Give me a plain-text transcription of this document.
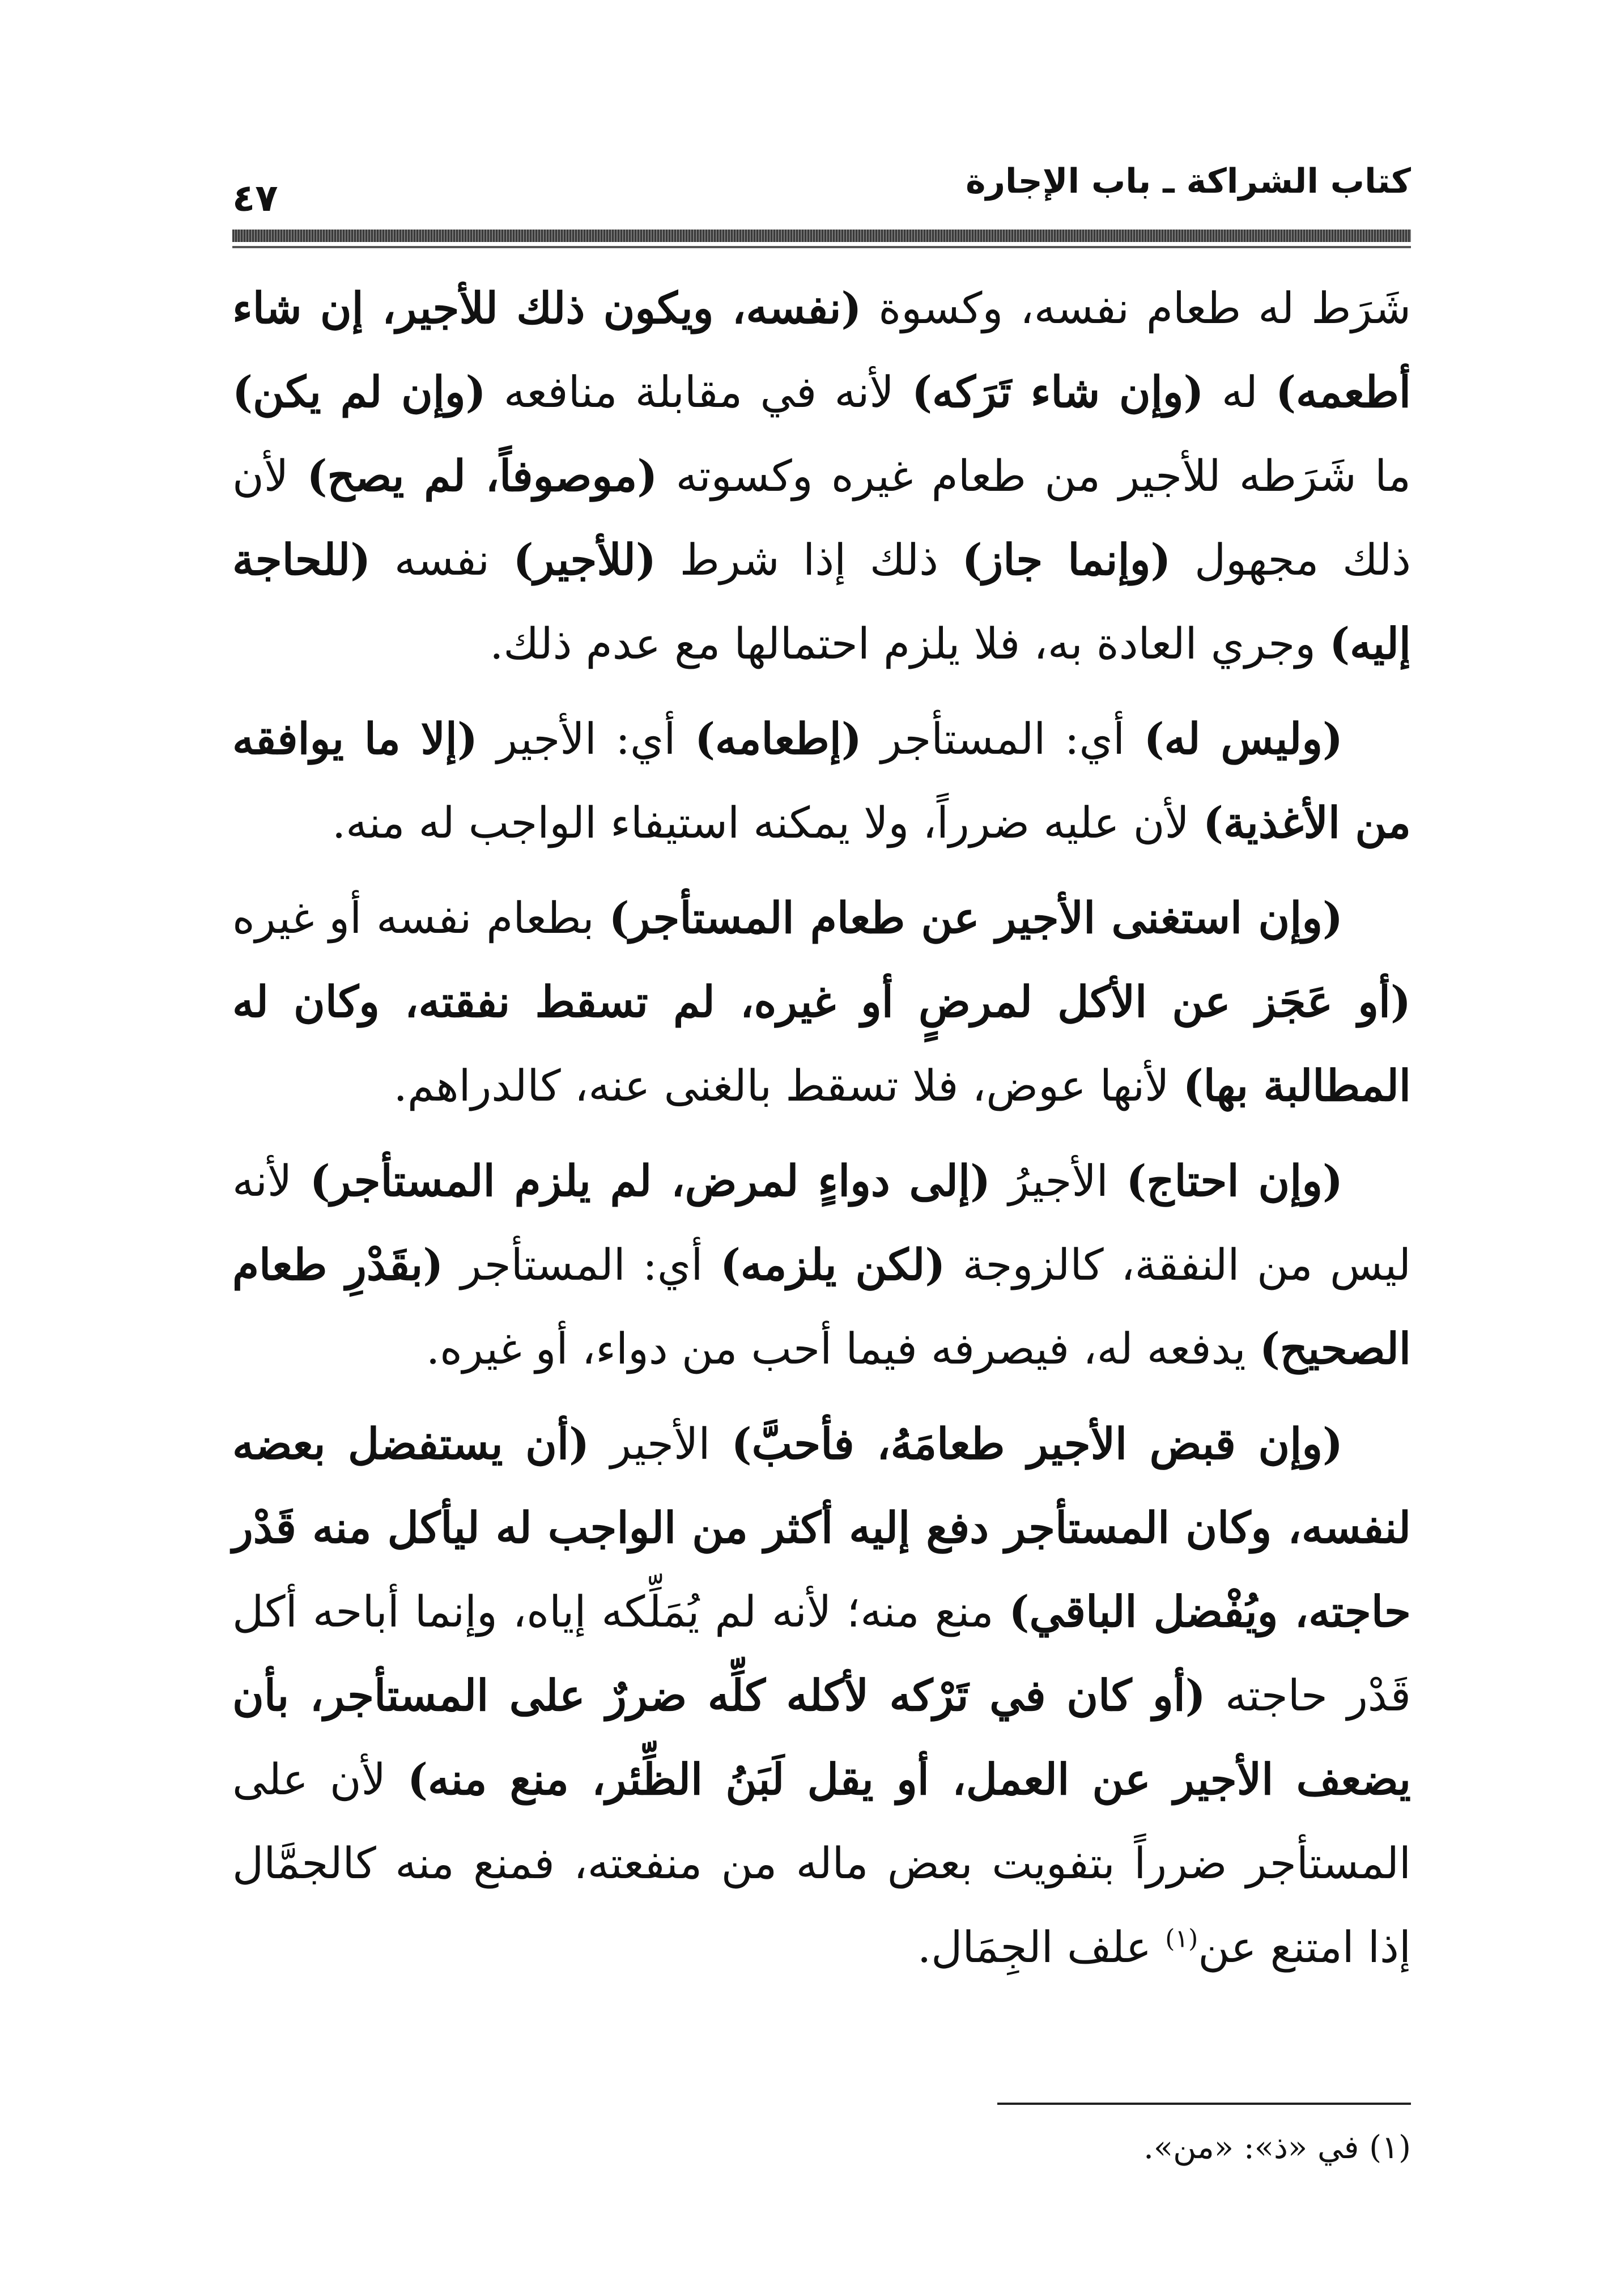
٤٧	كتاب الشراكة ـ باب الإجارة

شَرَط له طعام نفسه، وكسوة (نفسه، ويكون ذلك للأجير، إن شاء أطعمه) له (وإن شاء تَرَكه) لأنه في مقابلة منافعه (وإن لم يكن) ما شَرَطه للأجير من طعام غيره وكسوته (موصوفاً، لم يصح) لأن ذلك مجهول (وإنما جاز) ذلك إذا شرط (للأجير) نفسه (للحاجة إليه) وجري العادة به، فلا يلزم احتمالها مع عدم ذلك.

(وليس له) أي: المستأجر (إطعامه) أي: الأجير (إلا ما يوافقه من الأغذية) لأن عليه ضرراً، ولا يمكنه استيفاء الواجب له منه.

(وإن استغنى الأجير عن طعام المستأجر) بطعام نفسه أو غيره (أو عَجَز عن الأكل لمرضٍ أو غيره، لم تسقط نفقته، وكان له المطالبة بها) لأنها عوض، فلا تسقط بالغنى عنه، كالدراهم.

(وإن احتاج) الأجيرُ (إلى دواءٍ لمرض، لم يلزم المستأجر) لأنه ليس من النفقة، كالزوجة (لكن يلزمه) أي: المستأجر (بقَدْرِ طعام الصحيح) يدفعه له، فيصرفه فيما أحب من دواء، أو غيره.

(وإن قبض الأجير طعامَهُ، فأحبَّ) الأجير (أن يستفضل بعضه لنفسه، وكان المستأجر دفع إليه أكثر من الواجب له ليأكل منه قَدْر حاجته، ويُفْضل الباقي) منع منه؛ لأنه لم يُمَلِّكه إياه، وإنما أباحه أكل قَدْر حاجته (أو كان في تَرْكه لأكله كلِّه ضررٌ على المستأجر، بأن يضعف الأجير عن العمل، أو يقل لَبَنُ الظِّئر، منع منه) لأن على المستأجر ضرراً بتفويت بعض ماله من منفعته، فمنع منه كالجمَّال إذا امتنع عن$^{(١)}$ علف الجِمَال.

(١) في «ذ»: «من».
